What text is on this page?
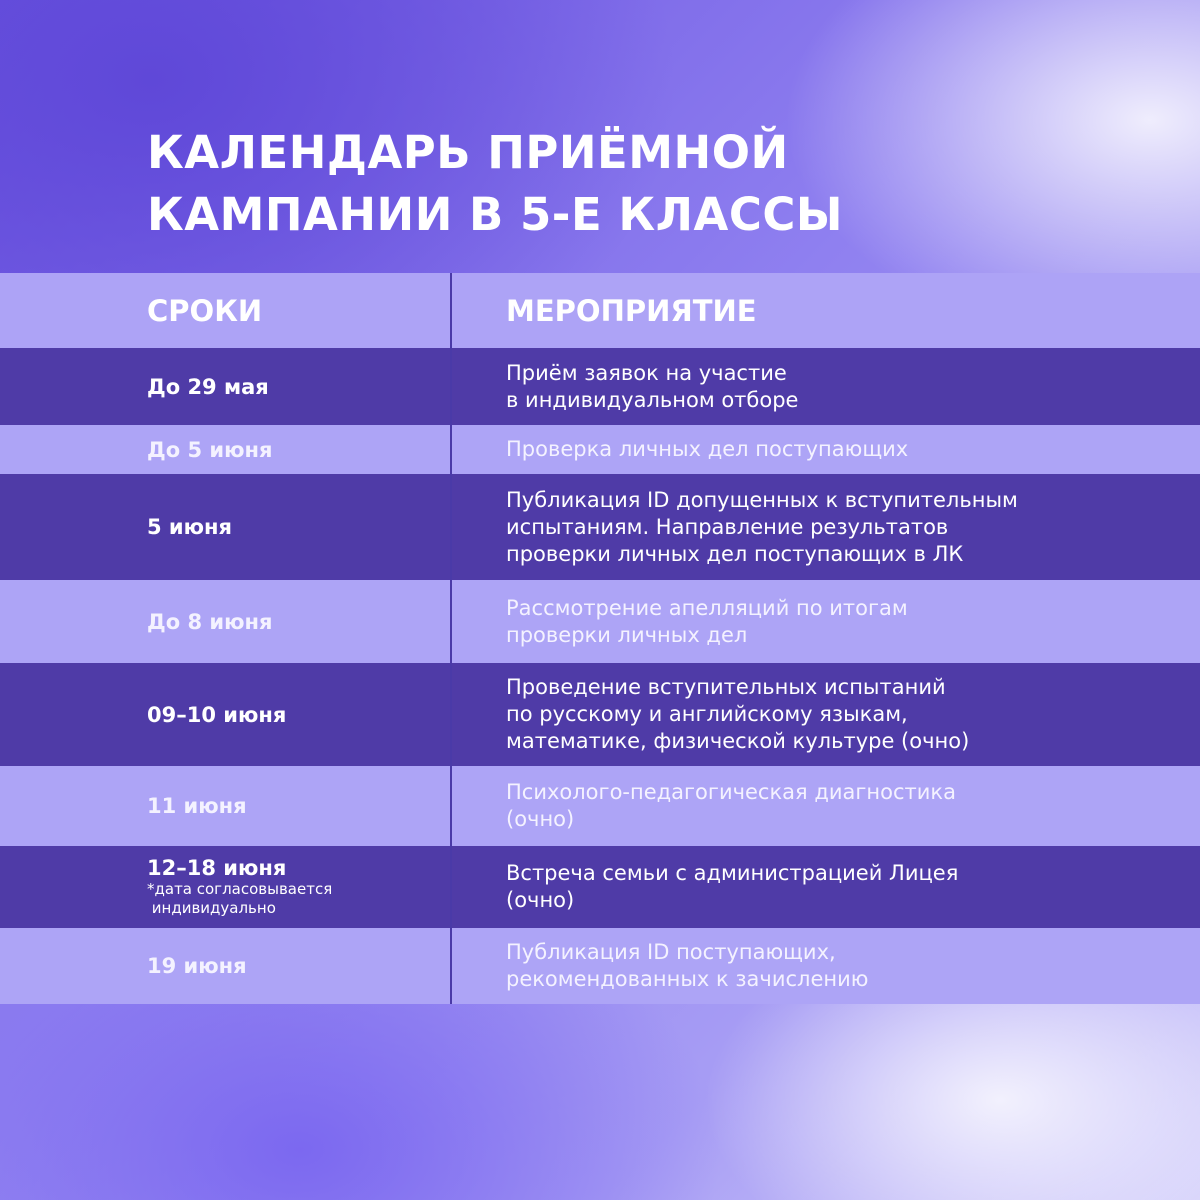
КАЛЕНДАРЬ ПРИЁМНОЙ
КАМПАНИИ В 5-Е КЛАССЫ
СРОКИ	МЕРОПРИЯТИЕ
До 29 мая
Приём заявок на участие
в индивидуальном отборе
До 5 июня	Проверка личных дел поступающих
5 июня
Публикация ID допущенных к вступительным
испытаниям. Направление результатов
проверки личных дел поступающих в ЛК
До 8 июня
Рассмотрение апелляций по итогам
проверки личных дел
09–10 июня
Проведение вступительных испытаний
по русскому и английскому языкам,
математике, физической культуре (очно)
11 июня
Психолого-педагогическая диагностика
(очно)
12–18 июня
*дата согласовывается
индивидуально
Встреча семьи с администрацией Лицея
(очно)
19 июня
Публикация ID поступающих,
рекомендованных к зачислению
